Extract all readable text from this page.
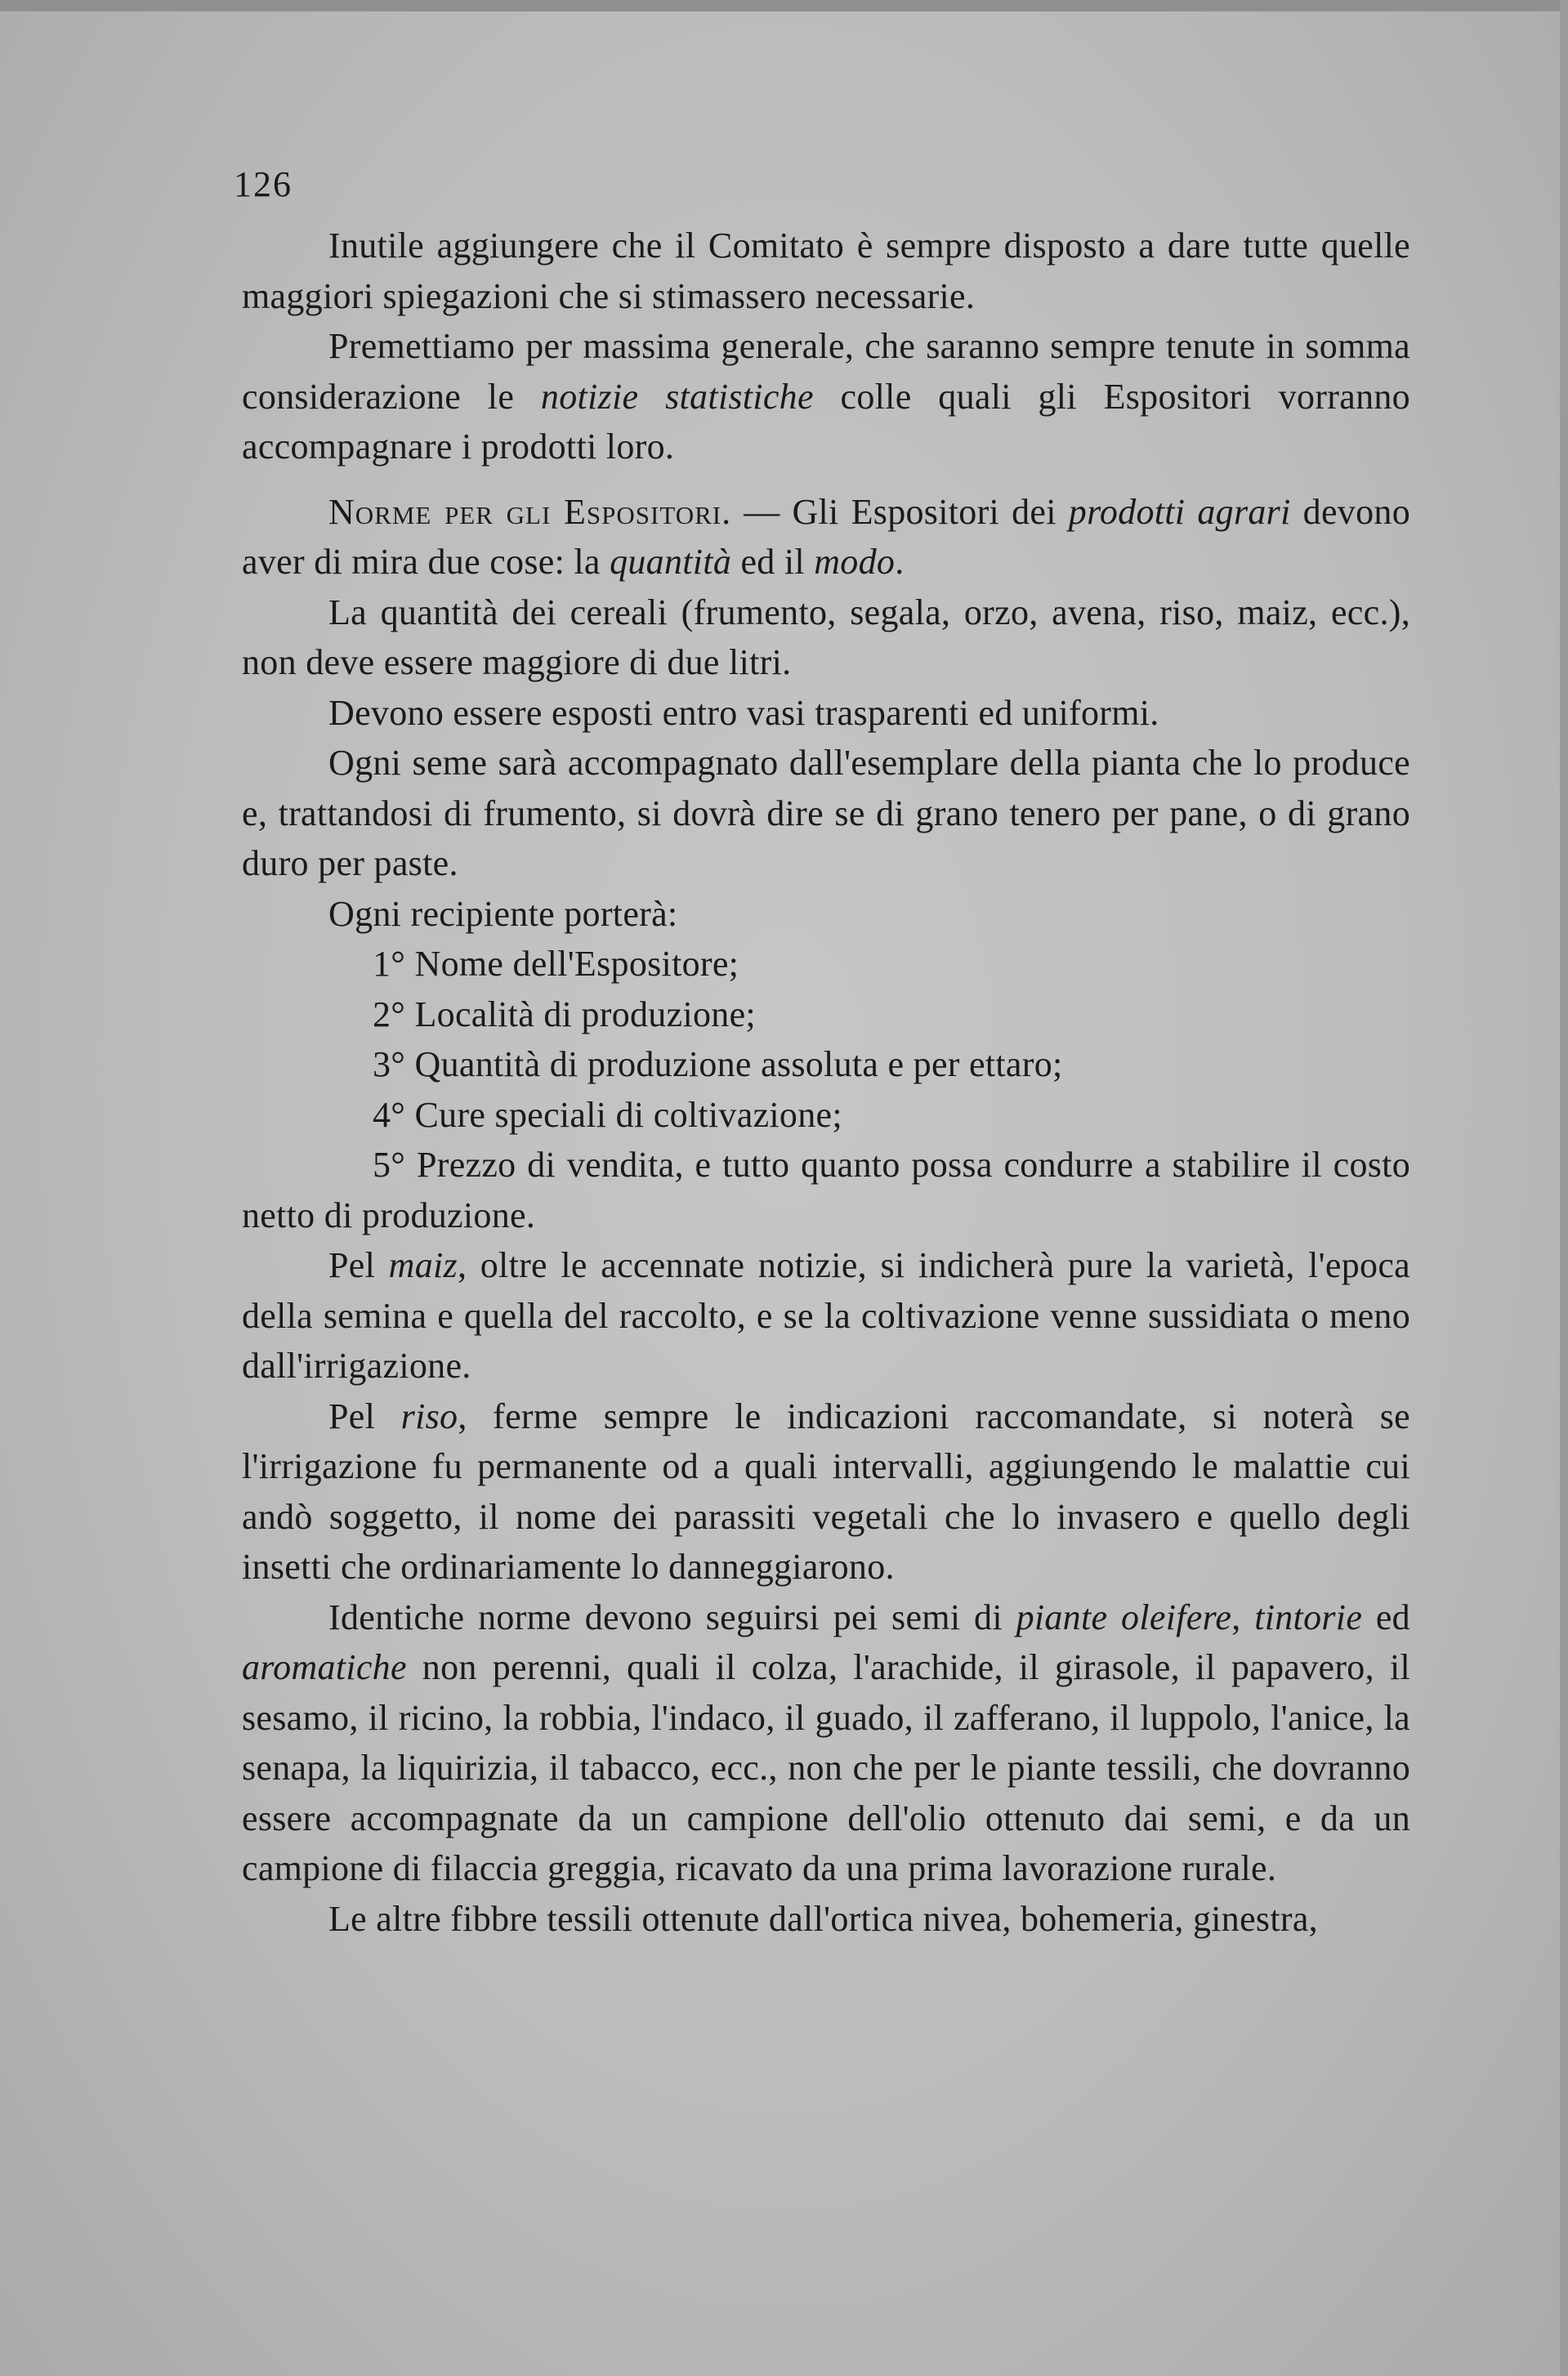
126

Inutile aggiungere che il Comitato è sempre disposto a dare tutte quelle maggiori spiegazioni che si stimassero necessarie.

Premettiamo per massima generale, che saranno sempre tenute in somma considerazione le notizie statistiche colle quali gli Espositori vorranno accompagnare i prodotti loro.

Norme per gli Espositori. — Gli Espositori dei prodotti agrari devono aver di mira due cose: la quantità ed il modo.

La quantità dei cereali (frumento, segala, orzo, avena, riso, maiz, ecc.), non deve essere maggiore di due litri.

Devono essere esposti entro vasi trasparenti ed uniformi.

Ogni seme sarà accompagnato dall'esemplare della pianta che lo produce e, trattandosi di frumento, si dovrà dire se di grano tenero per pane, o di grano duro per paste.

Ogni recipiente porterà:

1° Nome dell'Espositore;

2° Località di produzione;

3° Quantità di produzione assoluta e per ettaro;

4° Cure speciali di coltivazione;

5° Prezzo di vendita, e tutto quanto possa condurre a stabilire il costo netto di produzione.

Pel maiz, oltre le accennate notizie, si indicherà pure la varietà, l'epoca della semina e quella del raccolto, e se la coltivazione venne sussidiata o meno dall'irrigazione.

Pel riso, ferme sempre le indicazioni raccomandate, si noterà se l'irrigazione fu permanente od a quali intervalli, aggiungendo le malattie cui andò soggetto, il nome dei parassiti vegetali che lo invasero e quello degli insetti che ordinariamente lo danneggiarono.

Identiche norme devono seguirsi pei semi di piante oleifere, tintorie ed aromatiche non perenni, quali il colza, l'arachide, il girasole, il papavero, il sesamo, il ricino, la robbia, l'indaco, il guado, il zafferano, il luppolo, l'anice, la senapa, la liquirizia, il tabacco, ecc., non che per le piante tessili, che dovranno essere accompagnate da un campione dell'olio ottenuto dai semi, e da un campione di filaccia greggia, ricavato da una prima lavorazione rurale.

Le altre fibbre tessili ottenute dall'ortica nivea, bohemeria, ginestra,
